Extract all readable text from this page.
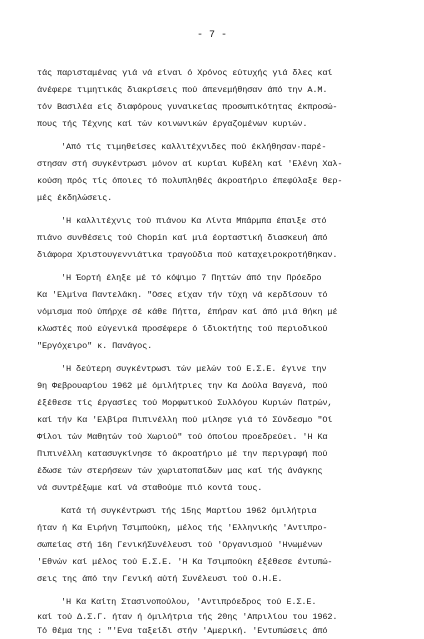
- 7 -
τάς παρισταμένας γιά νά είναι ό Χρόνος εύτυχής γιά δλες καί
άνέφερε τιμητικάς διακρίσεις πού άπενεμήθησαν άπό την Α.Μ.
τόν Βασιλέα είς διαφόρους γυναικείας προσωπικότητας έκπροσώ-
πους τής Τέχνης καί τών κοινωνικών έργαζομένων κυριών.
'Από τίς τιμηθείσες καλλιτέχνιδες πού έκλήθησαν·παρέ-
στησαν στή συγκέντρωσι μόνον αί κυρίαι Κυβέλη καί 'Ελένη Χαλ-
κούση πρός τίς όποιες τό πολυπληθές άκροατήριο έπεφύλαξε θερ-
μές έκδηλώσεις.
'Η καλλιτέχνις τού πιάνου Κα Λίντα Μπάρμπα έπαιξε στό
πιάνο συνθέσεις τού Chopin καί μιά έορταστική διασκευή άπό
διάφορα Χριστουγεννιάτικα τραγούδια πού καταχειροκροτήθηκαν.
'Η Έορτή έληξε μέ τό κόψιμο 7 Πηττών άπό την Πρόεδρο
Κα 'Ελμίνα Παντελάκη. "Οσες είχαν τήν τύχη νά κερδίσουν τό
νόμισμα πού ύπήρχε σέ κάθε Πήττα, έπήραν καί άπό μιά θήκη μέ
κλωστές πού εύγενικά προσέφερε ό ίδιοκτήτης τού περιοδικού
"Εργόχειρο" κ. Πανάγος.
'Η δεύτερη συγκέντρωσι τών μελών τού Ε.Σ.Ε. έγινε την
9η Φεβρουαρίου 1962 μέ όμιλήτριες την Κα Δούλα Βαγενά, πού
έξέθεσε τίς έργασίες τού Μορφωτικού Συλλόγου Κυριών Πατρών,
καί τήν Κα 'Ελβίρα Πιπινέλλη πού μίλησε γιά τό Σύνδεσμο "Οί
Φίλοι τών Μαθητών τού Χωριού" τού όποίου προεδρεύει. 'Η Κα
Πιπινέλλη κατασυγκίνησε τό άκροατήριο μέ την περιγραφή πού
έδωσε τών στερήσεων τών χωριατοπαίδων μας καί τής άνάγκης
νά συντρέξωμε καί νά σταθούμε πιό κοντά τους.
Κατά τή συγκέντρωσι τής 15ης Μαρτίου 1962 όμιλήτρια
ήταν ή Κα Ειρήνη Τσιμπούκη, μέλος τής 'Ελληνικής 'Αντιπρο-
σωπείας στή 16η ΓενικήΣυνέλευσι τού 'Οργανισμού 'Ηνωμένων
'Εθνών καί μέλος τού Ε.Σ.Ε. 'Η Κα Τσιμπούκη έξέθεσε έντυπώ-
σεις της άπό την Γενική αύτή Συνέλευσι τού Ο.Η.Ε.
'Η Κα Καίτη Στασινοπούλου, 'Αντιπρόεδρος τού Ε.Σ.Ε.
καί τού Δ.Σ.Γ. ήταν ή όμιλήτρια τής 20ης 'Απριλίου του 1962.
Τό θέμα της : "'Ενα ταξείδι στήν 'Αμερική. 'Εντυπώσεις άπό
